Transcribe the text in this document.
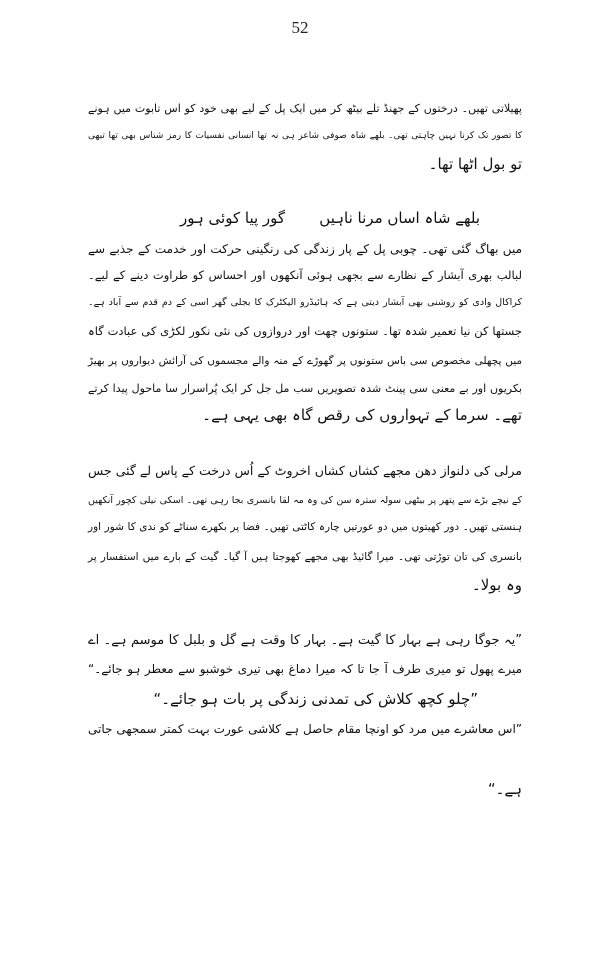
52

پھیلاتی تھیں۔ درختوں کے جھنڈ تلے بیٹھ کر میں ایک پل کے لیے بھی خود کو اس تابوت میں ہونے

کا تصور تک کرنا نہیں چاہتی تھی۔ بلھے شاہ صوفی شاعر ہی نہ تھا انسانی نفسیات کا رمز شناس بھی تھا تبھی

تو بول اٹھا تھا۔

بلھے شاہ اساں مرنا ناہیں
گور پیا کوئی ہور

میں بھاگ گئی تھی۔ چوبی پل کے پار زندگی کی رنگینی حرکت اور خدمت کے جذبے سے

لبالب بھری آبشار کے نظارے سے بجھی ہوئی آنکھوں اور احساس کو طراوت دینے کے لیے۔

کراکال وادی کو روشنی بھی آبشار دیتی ہے کہ ہائیڈرو الیکٹرک کا بجلی گھر اسی کے دم قدم سے آباد ہے۔

جستھا کن نیا تعمیر شدہ تھا۔ ستونوں چھت اور دروازوں کی نئی نکور لکڑی کی عبادت گاہ

میں پچھلی مخصوص سی باس ستونوں پر گھوڑے کے منہ والے مجسموں کی آرائش دیواروں پر بھیڑ

بکریوں اور بے معنی سی پینٹ شدہ تصویریں سب مل جل کر ایک پُراسرار سا ماحول پیدا کرتے

تھے۔ سرما کے تہواروں کی رقص گاہ بھی یہی ہے۔

مرلی کی دلنواز دھن مجھے کشاں کشاں اخروٹ کے اُس درخت کے پاس لے گئی جس

کے نیچے بڑے سے پتھر پر بیٹھی سولہ سترہ سن کی وہ مہ لقا بانسری بجا رہی تھی۔ اسکی نیلی کچور آنکھیں

ہنستی تھیں۔ دور کھیتوں میں دو عورتیں چارہ کاٹتی تھیں۔ فضا پر بکھرے سناٹے کو ندی کا شور اور

بانسری کی تان توڑتی تھی۔ میرا گائیڈ بھی مجھے کھوجتا ہیں آ گیا۔ گیت کے بارے میں استفسار پر

وہ بولا۔

”یہ جوگا رہی ہے بہار کا گیت ہے۔ بہار کا وقت ہے گل و بلبل کا موسم ہے۔ اے

میرے پھول تو میری طرف آ جا تا کہ میرا دماغ بھی تیری خوشبو سے معطر ہو جائے۔“

”چلو کچھ کلاش کی تمدنی زندگی پر بات ہو جائے۔“

”اس معاشرے میں مرد کو اونچا مقام حاصل ہے کلاشی عورت بہت کمتر سمجھی جاتی

ہے۔“
